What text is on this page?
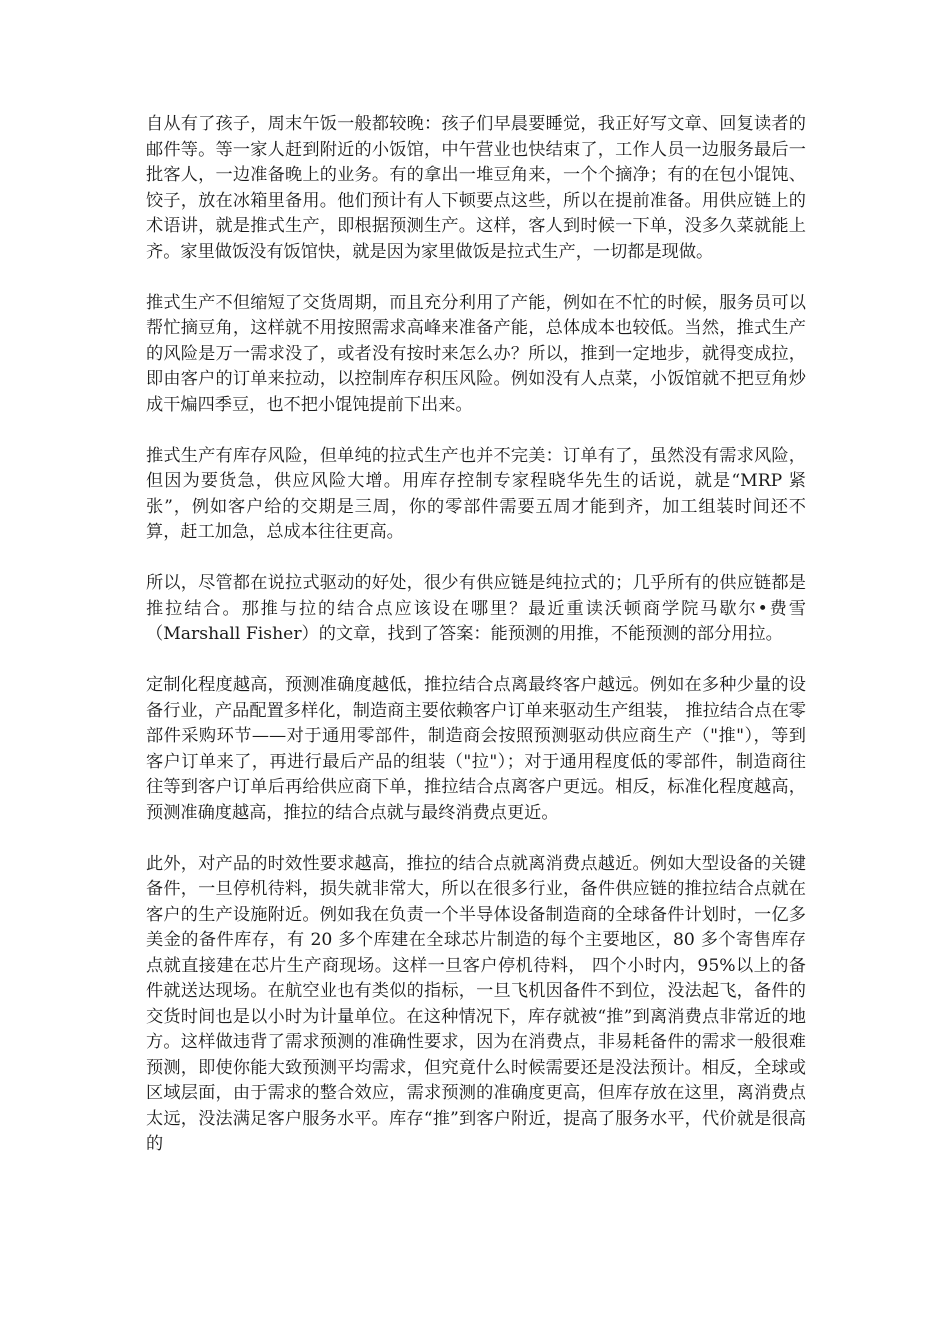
自从有了孩子，周末午饭一般都较晚：孩子们早晨要睡觉，我正好写文章、回复读者的邮件等。等一家人赶到附近的小饭馆，中午营业也快结束了，工作人员一边服务最后一批客人，一边准备晚上的业务。有的拿出一堆豆角来，一个个摘净；有的在包小馄饨、饺子，放在冰箱里备用。他们预计有人下顿要点这些，所以在提前准备。用供应链上的术语讲，就是推式生产，即根据预测生产。这样，客人到时候一下单，没多久菜就能上齐。家里做饭没有饭馆快，就是因为家里做饭是拉式生产，一切都是现做。

推式生产不但缩短了交货周期，而且充分利用了产能，例如在不忙的时候，服务员可以帮忙摘豆角，这样就不用按照需求高峰来准备产能，总体成本也较低。当然，推式生产的风险是万一需求没了，或者没有按时来怎么办？所以，推到一定地步，就得变成拉，即由客户的订单来拉动，以控制库存积压风险。例如没有人点菜，小饭馆就不把豆角炒成干煸四季豆，也不把小馄饨提前下出来。

推式生产有库存风险，但单纯的拉式生产也并不完美：订单有了，虽然没有需求风险，但因为要货急，供应风险大增。用库存控制专家程晓华先生的话说，就是“MRP 紧张”，例如客户给的交期是三周，你的零部件需要五周才能到齐，加工组装时间还不算，赶工加急，总成本往往更高。

所以，尽管都在说拉式驱动的好处，很少有供应链是纯拉式的；几乎所有的供应链都是推拉结合。那推与拉的结合点应该设在哪里？最近重读沃顿商学院马歇尔•费雪（Marshall Fisher）的文章，找到了答案：能预测的用推，不能预测的部分用拉。

定制化程度越高，预测准确度越低，推拉结合点离最终客户越远。例如在多种少量的设备行业，产品配置多样化，制造商主要依赖客户订单来驱动生产组装， 推拉结合点在零部件采购环节——对于通用零部件，制造商会按照预测驱动供应商生产（"推"），等到客户订单来了，再进行最后产品的组装（"拉"）；对于通用程度低的零部件，制造商往往等到客户订单后再给供应商下单，推拉结合点离客户更远。相反，标准化程度越高，预测准确度越高，推拉的结合点就与最终消费点更近。

此外，对产品的时效性要求越高，推拉的结合点就离消费点越近。例如大型设备的关键备件，一旦停机待料，损失就非常大，所以在很多行业，备件供应链的推拉结合点就在客户的生产设施附近。例如我在负责一个半导体设备制造商的全球备件计划时，一亿多美金的备件库存，有 20 多个库建在全球芯片制造的每个主要地区，80 多个寄售库存点就直接建在芯片生产商现场。这样一旦客户停机待料， 四个小时内，95%以上的备件就送达现场。在航空业也有类似的指标，一旦飞机因备件不到位，没法起飞，备件的交货时间也是以小时为计量单位。在这种情况下，库存就被“推”到离消费点非常近的地方。这样做违背了需求预测的准确性要求，因为在消费点，非易耗备件的需求一般很难预测，即使你能大致预测平均需求，但究竟什么时候需要还是没法预计。相反，全球或区域层面，由于需求的整合效应，需求预测的准确度更高，但库存放在这里，离消费点太远，没法满足客户服务水平。库存“推”到客户附近，提高了服务水平，代价就是很高的
